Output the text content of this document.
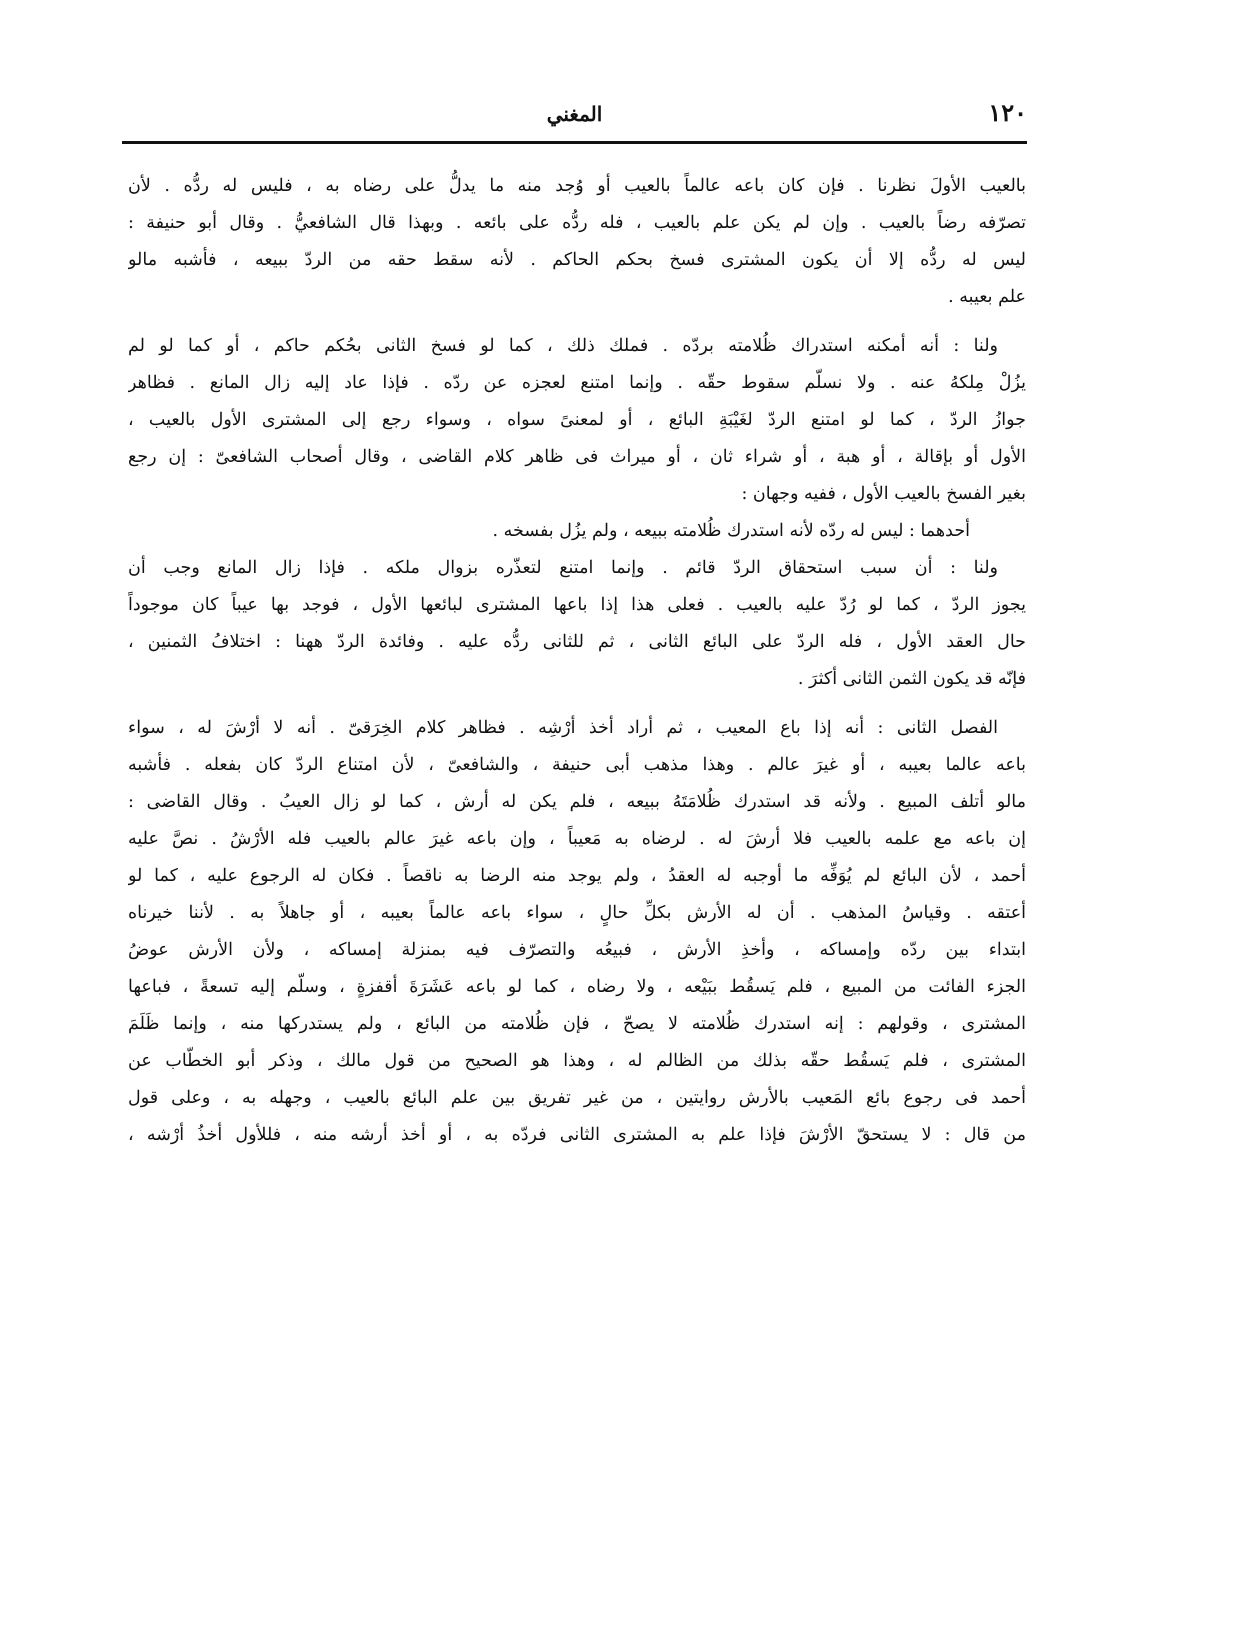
١٢٠
المغني
بالعيب الأولَ نظرنا . فإن كان باعه عالماً بالعيب أو وُجد منه ما يدلُّ على رضاه به ، فليس له ردُّه . لأن
تصرّفه رضاً بالعيب . وإن لم يكن علم بالعيب ، فله ردُّه على بائعه . وبهذا قال الشافعيُّ . وقال أبو حنيفة :
ليس له ردُّه إلا أن يكون المشترى فسخ بحكم الحاكم . لأنه سقط حقه من الردّ ببيعه ، فأشبه مالو
علم بعيبه .
ولنا : أنه أمكنه استدراك ظُلامته بردّه . فملك ذلك ، كما لو فسخ الثانى بحُكم حاكم ، أو كما لو لم
يزُلْ مِلكهُ عنه . ولا نسلّم سقوط حقّه . وإنما امتنع لعجزه عن ردّه . فإذا عاد إليه زال المانع . فظاهر
جوازُ الردّ ، كما لو امتنع الردّ لغَيْبَةِ البائع ، أو لمعنىً سواه ، وسواء رجع إلى المشترى الأول بالعيب ،
الأول أو بإقالة ، أو هبة ، أو شراء ثان ، أو ميراث فى ظاهر كلام القاضى ، وقال أصحاب الشافعىّ : إن رجع
بغير الفسخ بالعيب الأول ، ففيه وجهان :
أحدهما : ليس له ردّه لأنه استدرك ظُلامته ببيعه ، ولم يزُل بفسخه .
ولنا : أن سبب استحقاق الردّ قائم . وإنما امتنع لتعذّره بزوال ملكه . فإذا زال المانع وجب أن
يجوز الردّ ، كما لو رُدّ عليه بالعيب . فعلى هذا إذا باعها المشترى لبائعها الأول ، فوجد بها عيباً كان موجوداً
حال العقد الأول ، فله الردّ على البائع الثانى ، ثم للثانى ردُّه عليه . وفائدة الردّ ههنا : اختلافُ الثمنين ،
فإنّه قد يكون الثمن الثانى أكثرَ .
الفصل الثانى : أنه إذا باع المعيب ، ثم أراد أخذ أرْشِه . فظاهر كلام الخِرَقىّ . أنه لا أرْشَ له ، سواء
باعه عالما بعيبه ، أو غيرَ عالم . وهذا مذهب أبى حنيفة ، والشافعىّ ، لأن امتناع الردّ كان بفعله . فأشبه
مالو أتلف المبيع . ولأنه قد استدرك ظُلامَتَهُ ببيعه ، فلم يكن له أرش ، كما لو زال العيبُ . وقال القاضى :
إن باعه مع علمه بالعيب فلا أرشَ له . لرضاه به مَعيباً ، وإن باعه غيرَ عالم بالعيب فله الأرْشُ . نصَّ عليه
أحمد ، لأن البائع لم يُوَفِّه ما أوجبه له العقدُ ، ولم يوجد منه الرضا به ناقصاً . فكان له الرجوع عليه ، كما لو
أعتقه . وقياسُ المذهب . أن له الأرش بكلِّ حالٍ ، سواء باعه عالماً بعيبه ، أو جاهلاً به . لأننا خيرناه
ابتداء بين ردّه وإمساكه ، وأخذِ الأرش ، فبيعُه والتصرّف فيه بمنزلة إمساكه ، ولأن الأرش عوضُ
الجزء الفائت من المبيع ، فلم يَسقُط ببَيْعه ، ولا رضاه ، كما لو باعه عَشَرَةَ أقفزةٍ ، وسلّم إليه تسعةً ، فباعها
المشترى ، وقولهم : إنه استدرك ظُلامته لا يصحّ ، فإن ظُلامته من البائع ، ولم يستدركها منه ، وإنما ظَلَمَ
المشترى ، فلم يَسقُط حقّه بذلك من الظالم له ، وهذا هو الصحيح من قول مالك ، وذكر أبو الخطّاب عن
أحمد فى رجوع بائع المَعيب بالأرش روايتين ، من غير تفريق بين علم البائع بالعيب ، وجهله به ، وعلى قول
من قال : لا يستحقّ الأرْشَ فإذا علم به المشترى الثانى فردّه به ، أو أخذ أرشه منه ، فللأول أخذُ أرْشه ،
